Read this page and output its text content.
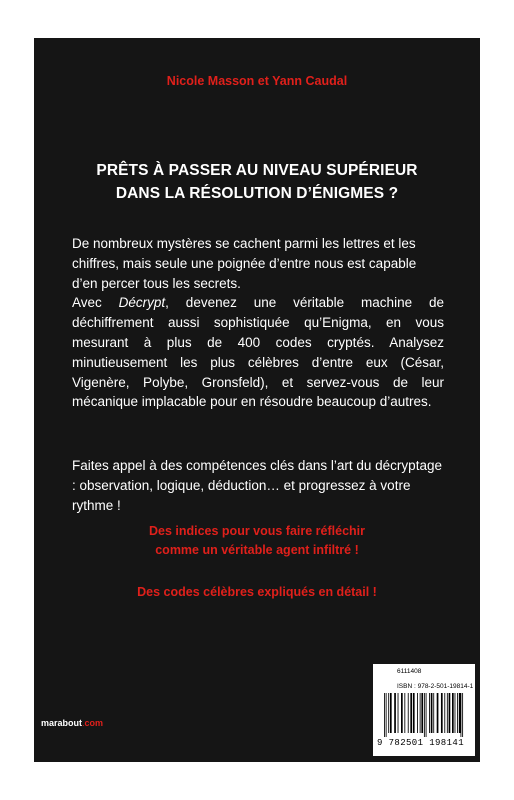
Nicole Masson et Yann Caudal
PRÊTS À PASSER AU NIVEAU SUPÉRIEUR
DANS LA RÉSOLUTION D’ÉNIGMES ?

De nombreux mystères se cachent parmi les lettres et les chiffres, mais seule une poignée d’entre nous est capable d’en percer tous les secrets.

Avec Décrypt, devenez une véritable machine de déchiffrement aussi sophistiquée qu’Enigma, en vous mesurant à plus de 400 codes cryptés. Analysez minutieusement les plus célèbres d’entre eux (César, Vigenère, Polybe, Gronsfeld), et servez-vous de leur mécanique implacable pour en résoudre beaucoup d’autres.

Faites appel à des compétences clés dans l’art du décryptage : observation, logique, déduction… et progressez à votre rythme !

Des indices pour vous faire réfléchir
comme un véritable agent infiltré !
Des codes célèbres expliqués en détail !
marabout.com
6111408
ISBN : 978-2-501-19814-1
9 782501 198141
